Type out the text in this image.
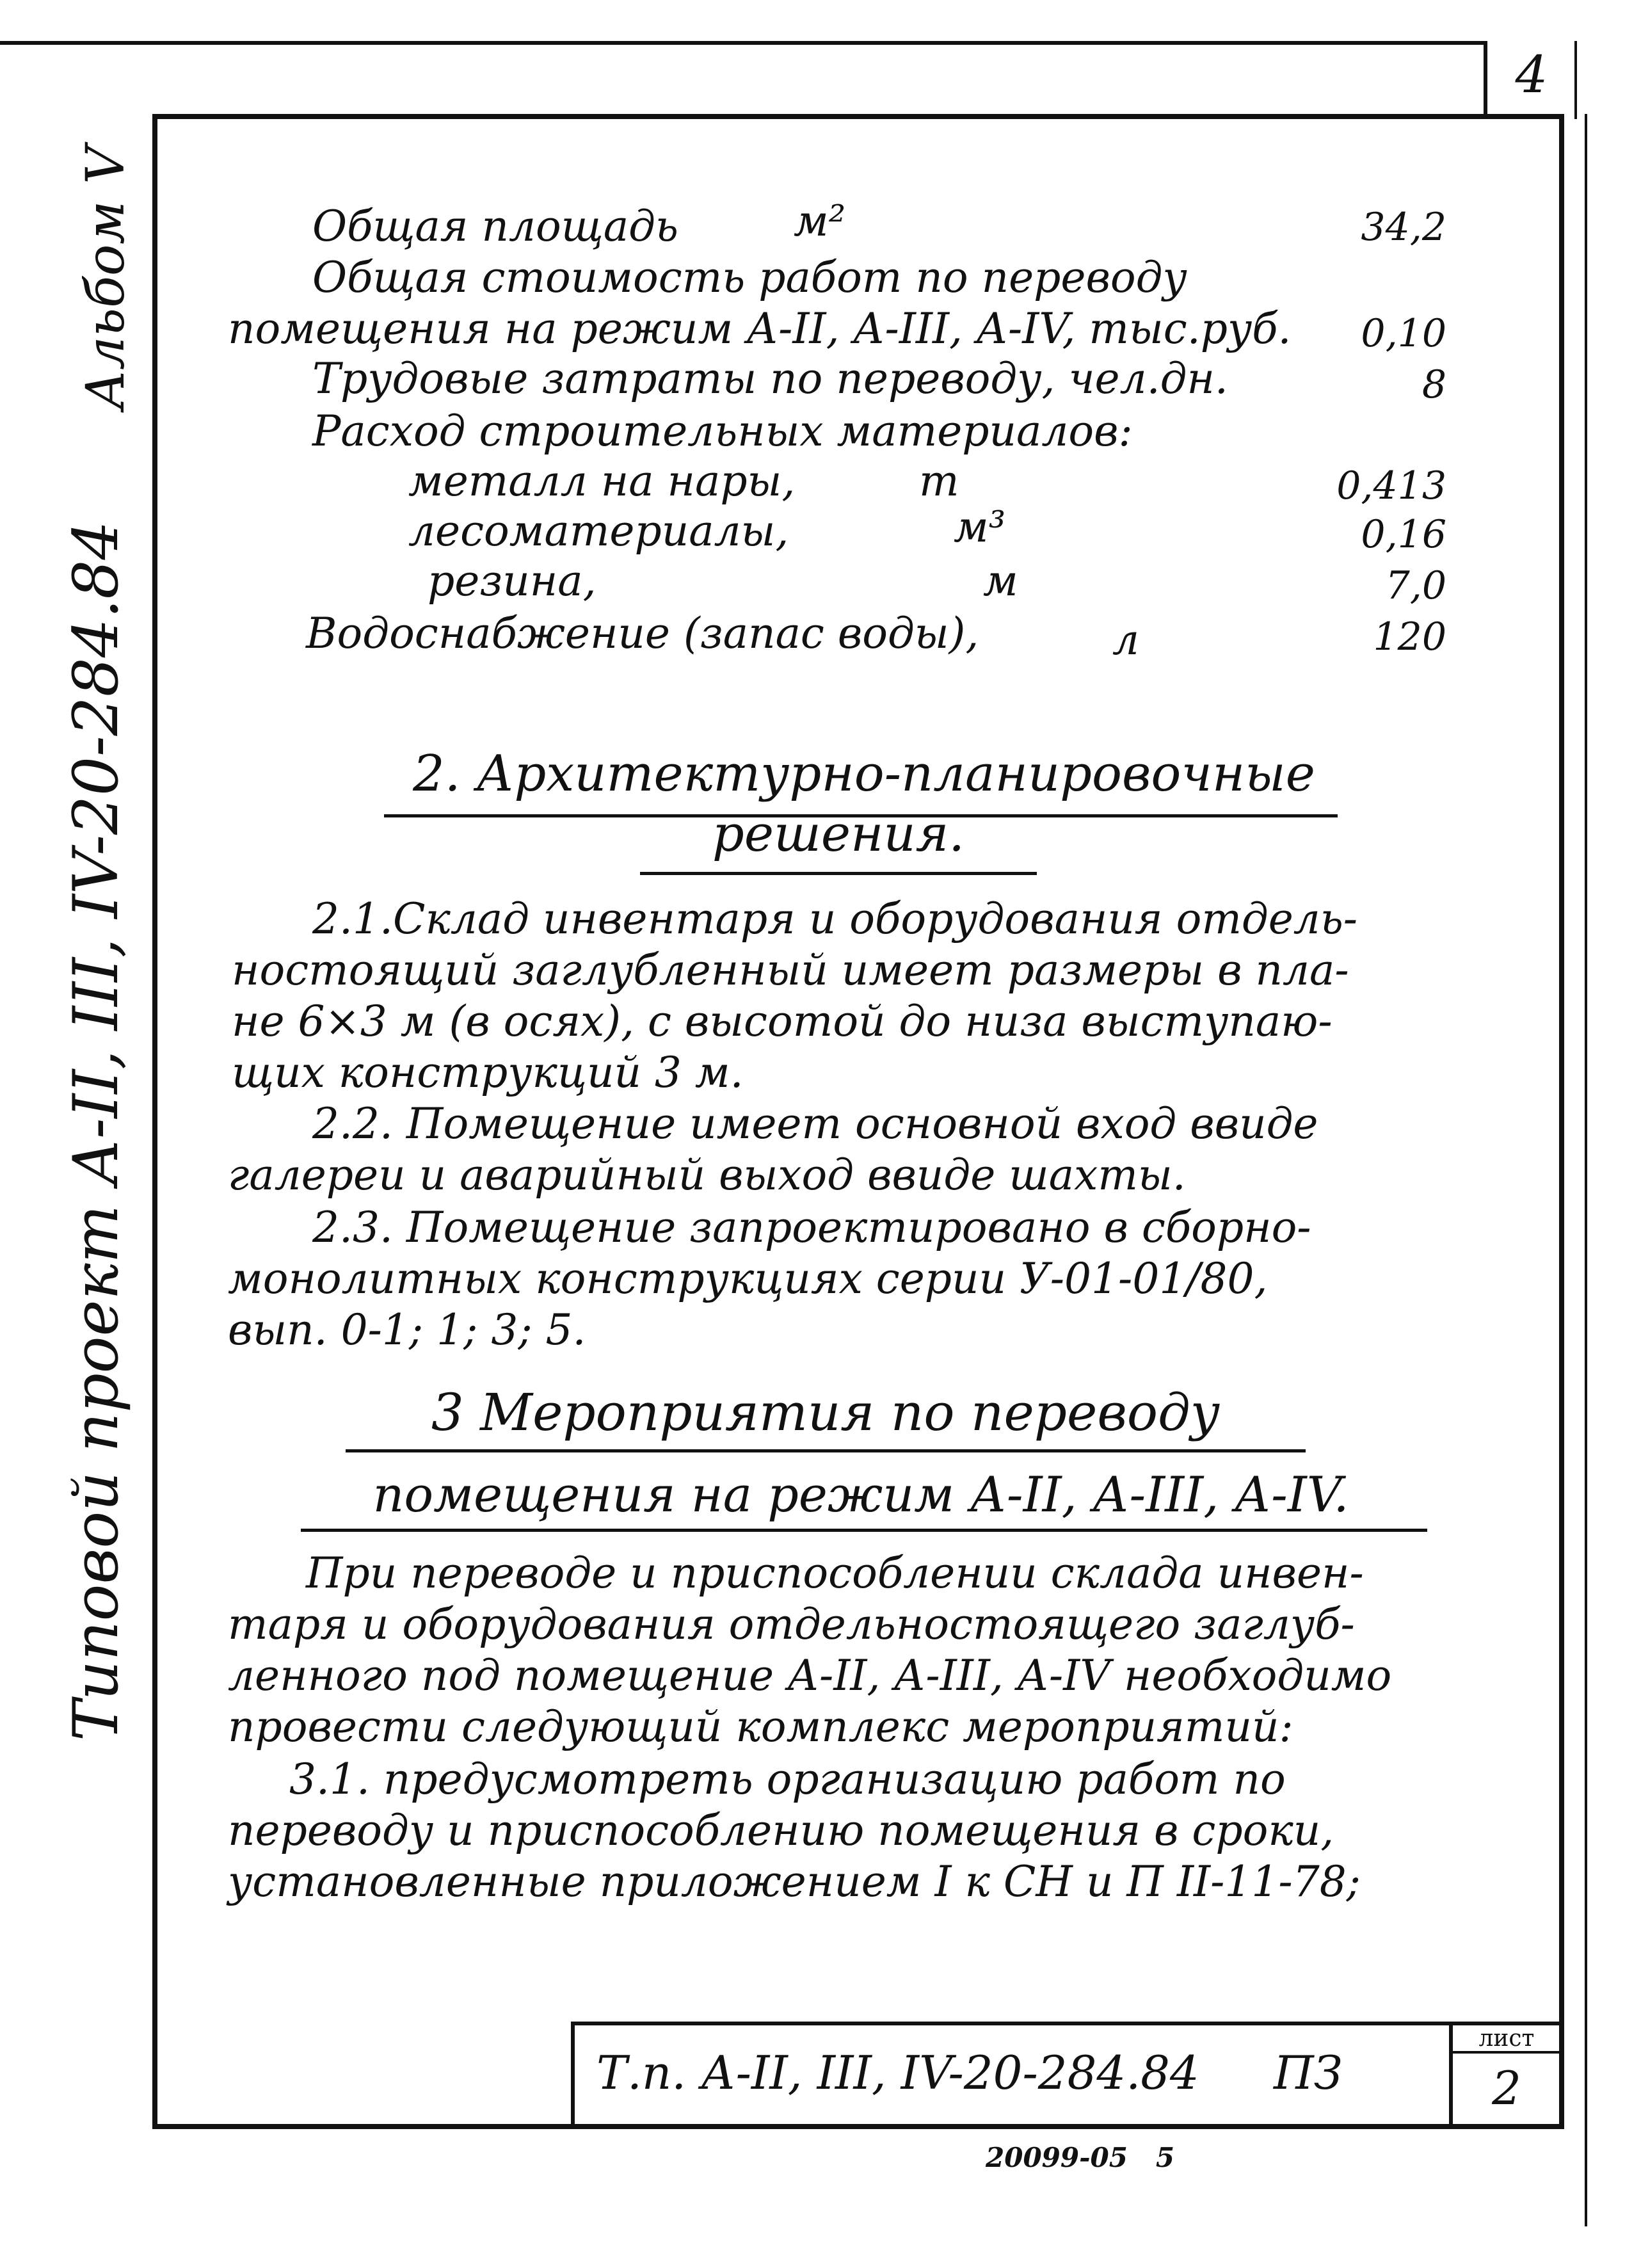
4
Альбом V
Типовой проект А-II, III, IV-20-284.84
Общая площадь	м²	34,2
Общая стоимость работ по переводу
помещения на режим А-II, А-III, А-IV, тыс.руб.	0,10
Трудовые затраты по переводу, чел.дн.	8
Расход строительных материалов:
металл на нары,	т	0,413
лесоматериалы,	м³	0,16
резина,	м	7,0
Водоснабжение (запас воды),	л	120
2. Архитектурно-планировочные
решения.
2.1.Склад инвентаря и оборудования отдель-
ностоящий заглубленный имеет размеры в пла-
не 6×3 м (в осях), с высотой до низа выступаю-
щих конструкций 3 м.
2.2. Помещение имеет основной вход ввиде
галереи и аварийный выход ввиде шахты.
2.3. Помещение запроектировано в сборно-
монолитных конструкциях серии У-01-01/80,
вып. 0-1; 1; 3; 5.
3 Мероприятия по переводу
помещения на режим А-II, А-III, А-IV.
При переводе и приспособлении склада инвен-
таря и оборудования отдельностоящего заглуб-
ленного под помещение А-II, А-III, А-IV необходимо
провести следующий комплекс мероприятий:
3.1. предусмотреть организацию работ по
переводу и приспособлению помещения в сроки,
установленные приложением I к СН и П II-11-78;
Т.п. А-II, III, IV-20-284.84 ПЗ
лист
2
20099-05   5
